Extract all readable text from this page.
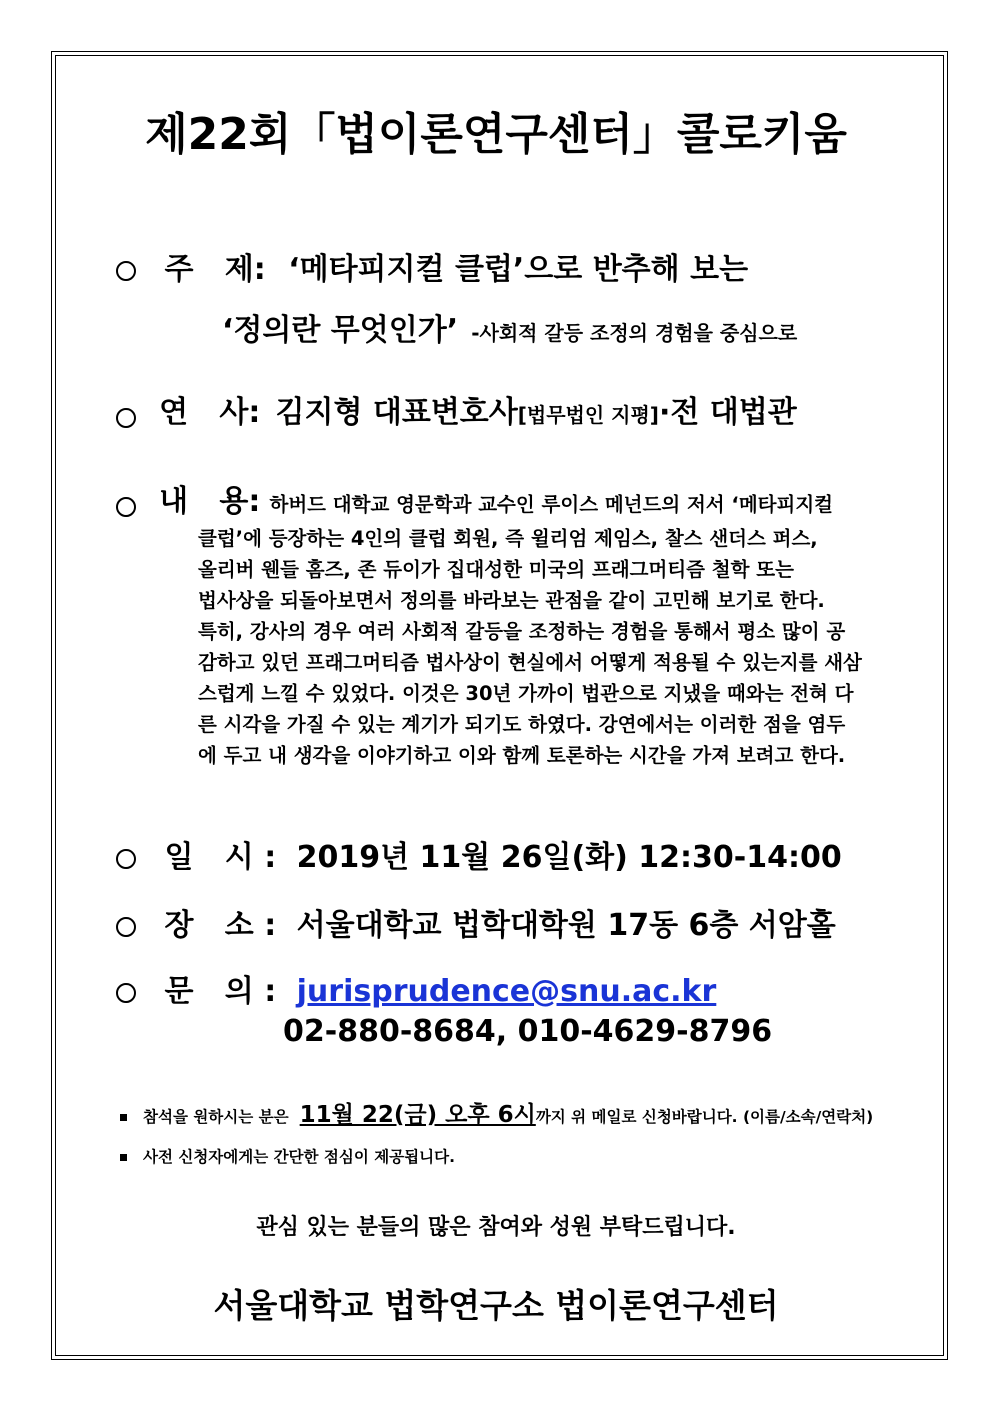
제22회「법이론연구센터」콜로키움
주   제: ‘메타피지컬 클럽’으로 반추해 보는
‘정의란 무엇인가’ -사회적 갈등 조정의 경험을 중심으로
연   사: 김지형 대표변호사[법무법인 지평]·전 대법관
내   용: 하버드 대학교 영문학과 교수인 루이스 메넌드의 저서 ‘메타피지컬
클럽’에 등장하는 4인의 클럽 회원, 즉 윌리엄 제임스, 찰스 샌더스 퍼스,
올리버 웬들 홈즈, 존 듀이가 집대성한 미국의 프래그머티즘 철학 또는
법사상을 되돌아보면서 정의를 바라보는 관점을 같이 고민해 보기로 한다.
특히, 강사의 경우 여러 사회적 갈등을 조정하는 경험을 통해서 평소 많이 공
감하고 있던 프래그머티즘 법사상이 현실에서 어떻게 적용될 수 있는지를 새삼
스럽게 느낄 수 있었다. 이것은 30년 가까이 법관으로 지냈을 때와는 전혀 다
른 시각을 가질 수 있는 계기가 되기도 하였다. 강연에서는 이러한 점을 염두
에 두고 내 생각을 이야기하고 이와 함께 토론하는 시간을 가져 보려고 한다.
일   시 : 2019년 11월 26일(화) 12:30-14:00
장   소 : 서울대학교 법학대학원 17동 6층 서암홀
문   의 : jurisprudence@snu.ac.kr
02-880-8684, 010-4629-8796
참석을 원하시는 분은 11월 22(금) 오후 6시까지 위 메일로 신청바랍니다. (이름/소속/연락처)
사전 신청자에게는 간단한 점심이 제공됩니다.
관심 있는 분들의 많은 참여와 성원 부탁드립니다.
서울대학교 법학연구소 법이론연구센터
